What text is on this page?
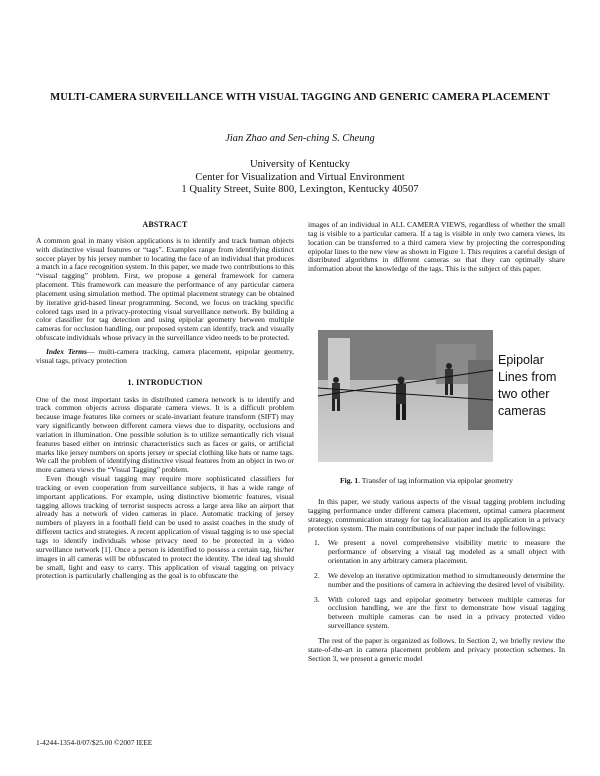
MULTI-CAMERA SURVEILLANCE WITH VISUAL TAGGING AND GENERIC CAMERA PLACEMENT
Jian Zhao and Sen-ching S. Cheung
University of Kentucky
Center for Visualization and Virtual Environment
1 Quality Street, Suite 800, Lexington, Kentucky 40507
ABSTRACT

A common goal in many vision applications is to identify and track human objects with distinctive visual features or “tags”. Examples range from identifying distinct soccer player by his jersey number to locating the face of an individual that produces a match in a face recognition system. In this paper, we made two contributions to this “visual tagging” problem. First, we propose a general framework for camera placement. This framework can measure the performance of any particular camera placement using simulation method. The optimal placement strategy can be obtained by iterative grid-based linear programming. Second, we focus on tracking specific colored tags used in a privacy-protecting visual surveillance network. By building a color classifier for tag detection and using epipolar geometry between multiple cameras for occlusion handling, our proposed system can identify, track and visually obfuscate individuals whose privacy in the surveillance video needs to be protected.

Index Terms— multi-camera tracking, camera placement, epipolar geometry, visual tags, privacy protection

1. INTRODUCTION

One of the most important tasks in distributed camera network is to identify and track common objects across disparate camera views. It is a difficult problem because image features like corners or scale-invariant feature transform (SIFT) may vary significantly between different camera views due to disparity, occlusions and variation in illumination. One possible solution is to utilize semantically rich visual features based either on intrinsic characteristics such as faces or gaits, or artificial marks like jersey numbers on sports jersey or special clothing like hats or name tags. We call the problem of identifying distinctive visual features from an object in two or more camera views the “Visual Tagging” problem.

Even though visual tagging may require more sophisticated classifiers for tracking or even cooperation from surveillance subjects, it has a wide range of important applications. For example, using distinctive biometric features, visual tagging allows tracking of terrorist suspects across a large area like an airport that already has a network of video cameras in place. Automatic tracking of jersey numbers of players in a football field can be used to assist coaches in the study of different tactics and strategies. A recent application of visual tagging is to use special tags to identify individuals whose privacy need to be protected in a video surveillance network [1]. Once a person is identified to possess a certain tag, his/her images in all cameras will be obfuscated to protect the identity. The ideal tag should be small, light and easy to carry. This application of visual tagging on privacy protection is particularly challenging as the goal is to obfuscate the

images of an individual in ALL CAMERA VIEWS, regardless of whether the small tag is visible to a particular camera. If a tag is visible in only two camera views, its location can be transferred to a third camera view by projecting the corresponding epipolar lines to the new view as shown in Figure 1. This requires a careful design of distributed algorithms in different cameras so that they can optimally share information about the knowledge of the tags. This is the subject of this paper.

Epipolar
Lines from
two other
cameras
Fig. 1. Transfer of tag information via epipolar geometry

In this paper, we study various aspects of the visual tagging problem including tagging performance under different camera placement, optimal camera placement strategy, communication strategy for tag localization and its application in a privacy protection system. The main contributions of our paper include the followings:

1. We present a novel comprehensive visibility metric to measure the performance of observing a visual tag modeled as a small object with orientation in any arbitrary camera placement.
2. We develop an iterative optimization method to simultaneously determine the number and the positions of camera in achieving the desired level of visibility.
3. With colored tags and epipolar geometry between multiple cameras for occlusion handling, we are the first to demonstrate how visual tagging between multiple cameras can be used in a privacy protected video surveillance system.

The rest of the paper is organized as follows. In Section 2, we briefly review the state-of-the-art in camera placement problem and privacy protection schemes. In Section 3, we present a generic model

1-4244-1354-0/07/$25.00 ©2007 IEEE
